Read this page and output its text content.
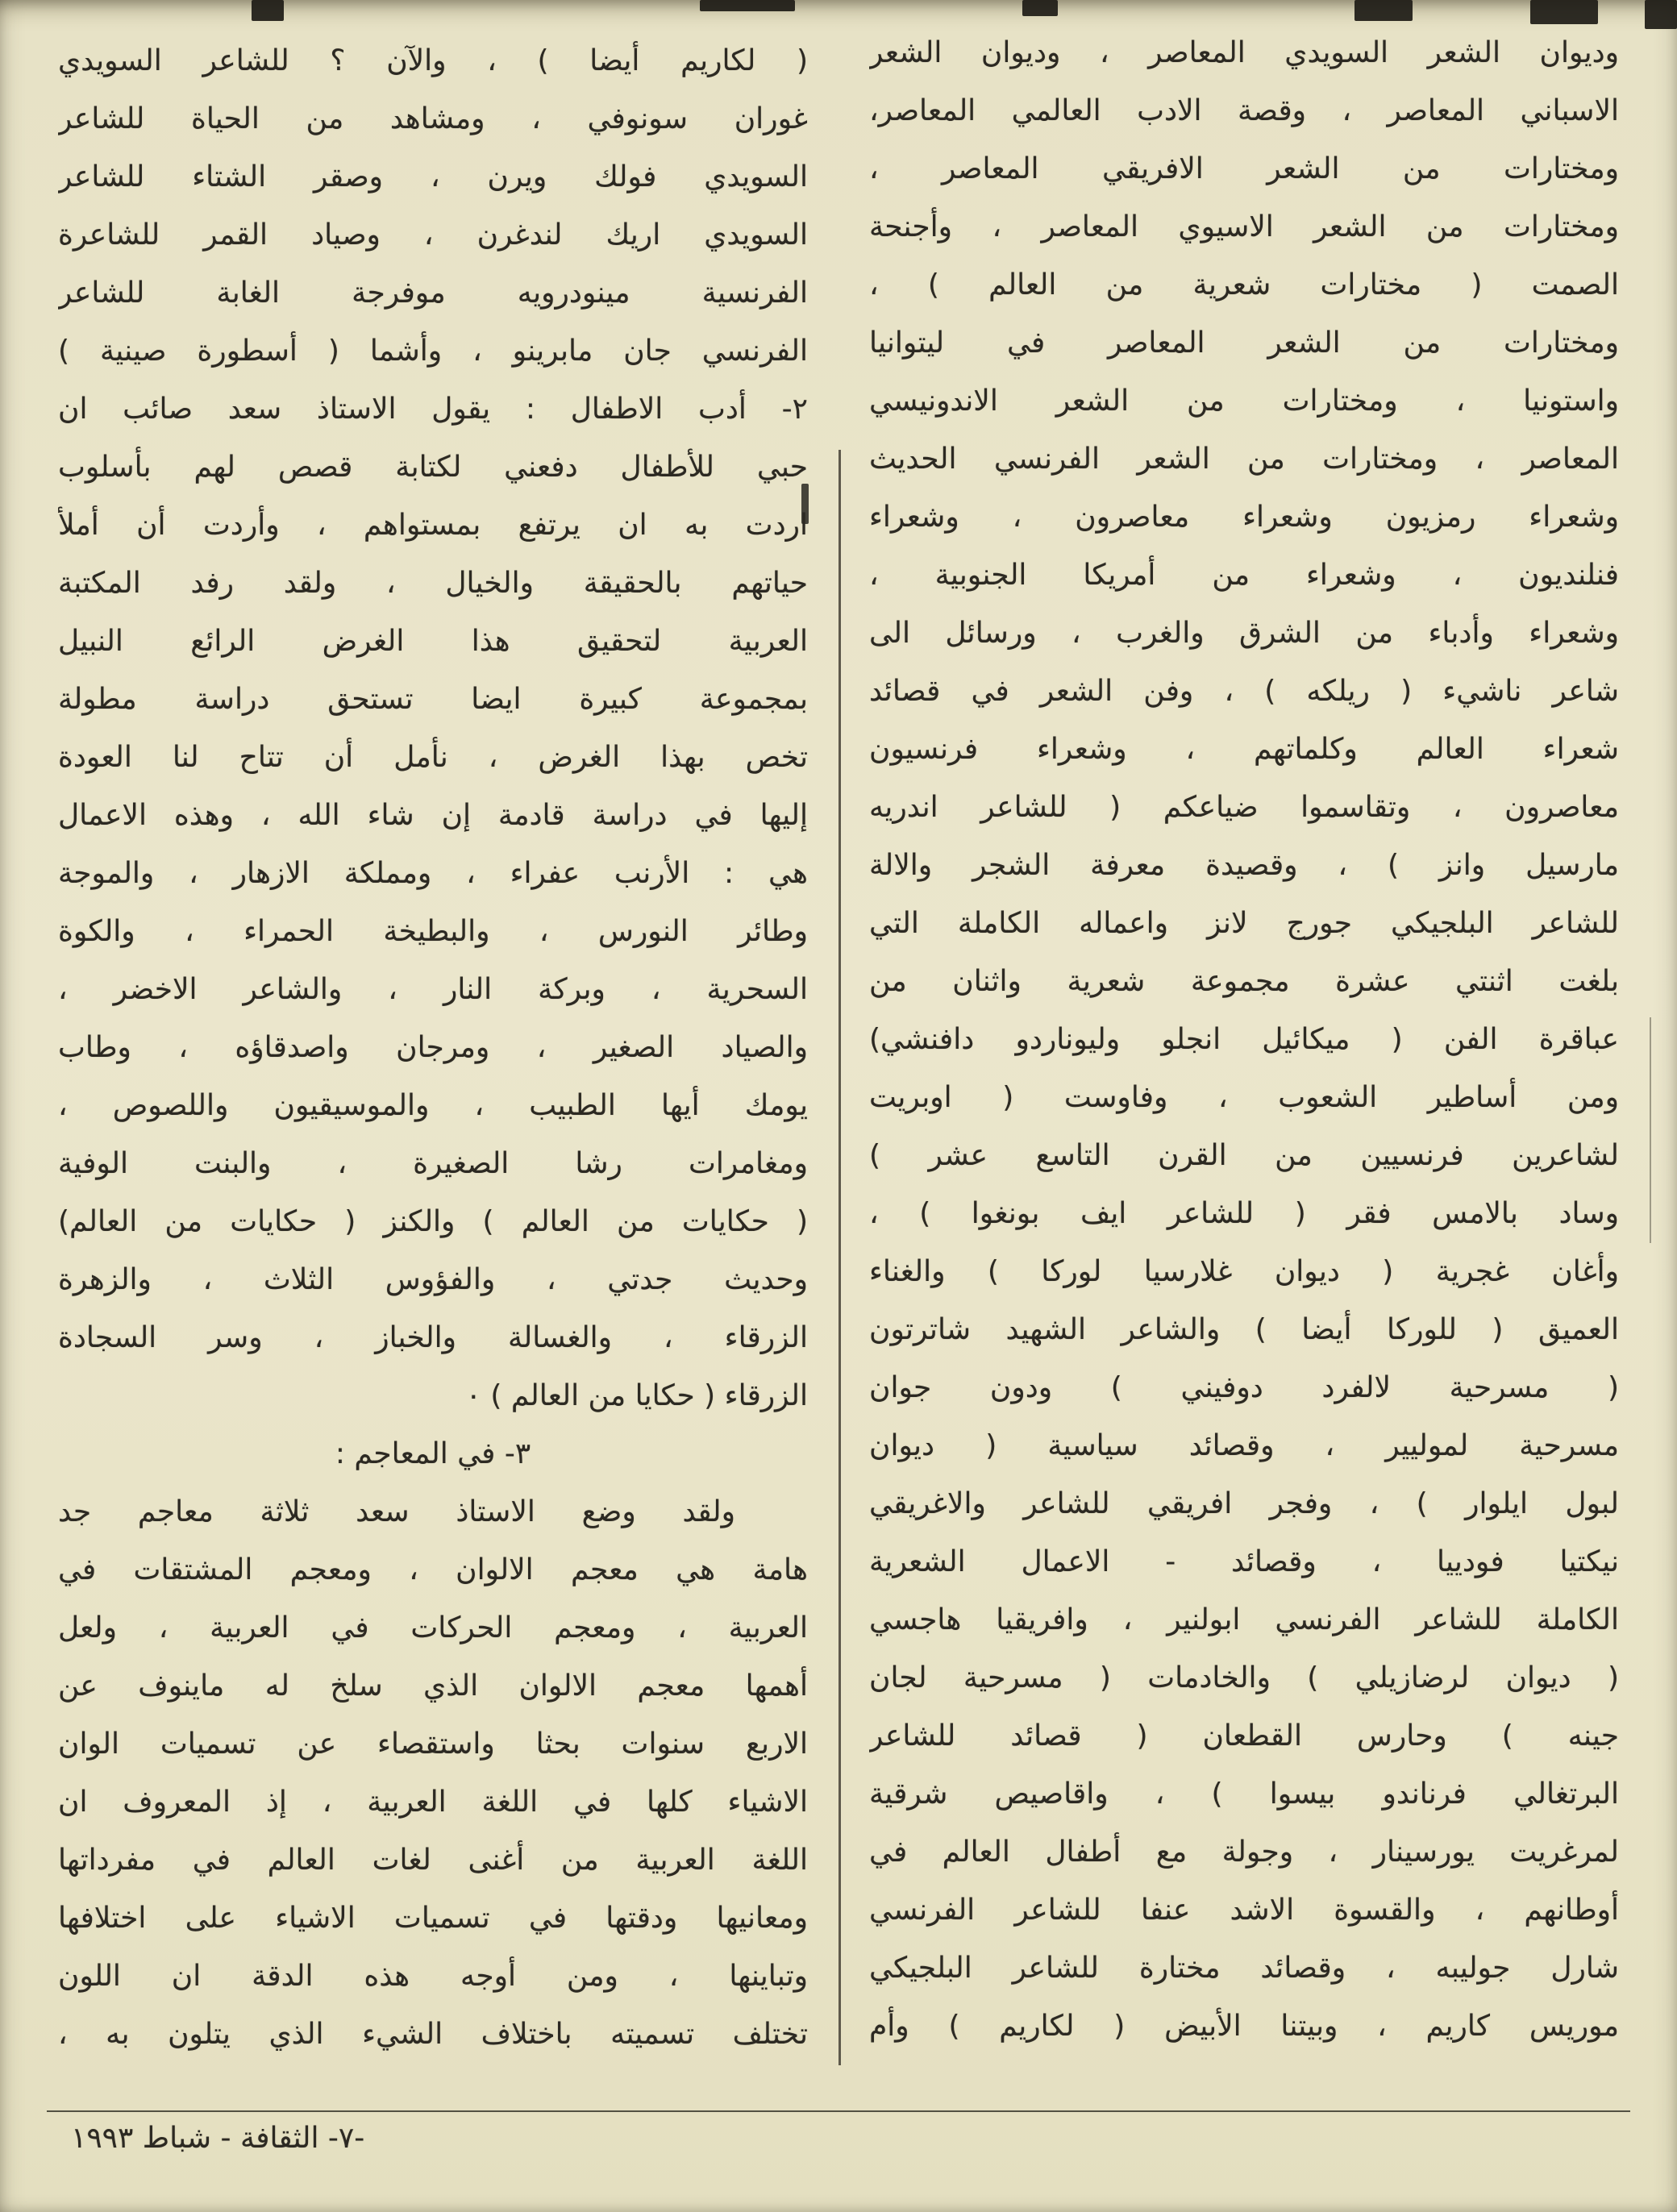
وديوان الشعر السويدي المعاصر ، وديوان الشعر
الاسباني المعاصر ، وقصة الادب العالمي المعاصر،
ومختارات من الشعر الافريقي المعاصر ،
ومختارات من الشعر الاسيوي المعاصر ، وأجنحة
الصمت ( مختارات شعرية من العالم ) ،
ومختارات من الشعر المعاصر في ليتوانيا
واستونيا ، ومختارات من الشعر الاندونيسي
المعاصر ، ومختارات من الشعر الفرنسي الحديث
وشعراء رمزيون وشعراء معاصرون ، وشعراء
فنلنديون ، وشعراء من أمريكا الجنوبية ،
وشعراء وأدباء من الشرق والغرب ، ورسائل الى
شاعر ناشيء ( ريلكه ) ، وفن الشعر في قصائد
شعراء العالم وكلماتهم ، وشعراء فرنسيون
معاصرون ، وتقاسموا ضياعكم ( للشاعر اندريه
مارسيل وانز ) ، وقصيدة معرفة الشجر والالة
للشاعر البلجيكي جورج لانز واعماله الكاملة التي
بلغت اثنتي عشرة مجموعة شعرية واثنان من
عباقرة الفن ( ميكائيل انجلو وليوناردو دافنشي)
ومن أساطير الشعوب ، وفاوست ( اوبريت
لشاعرين فرنسيين من القرن التاسع عشر )
وساد بالامس فقر ( للشاعر ايف بونغوا ) ،
وأغان غجرية ( ديوان غلارسيا لوركا ) والغناء
العميق ( للوركا أيضا ) والشاعر الشهيد شاترتون
( مسرحية لالفرد دوفيني ) ودون جوان
مسرحية لموليير ، وقصائد سياسية ( ديوان
لبول ايلوار ) ، وفجر افريقي للشاعر والاغريقي
نيكتيا فودييا ، وقصائد - الاعمال الشعرية
الكاملة للشاعر الفرنسي ابولنير ، وافريقيا هاجسي
( ديوان لرضازيلي ) والخادمات ( مسرحية لجان
جينه ) وحارس القطعان ( قصائد للشاعر
البرتغالي فرناندو بيسوا ) ، واقاصيص شرقية
لمرغريت يورسينار ، وجولة مع أطفال العالم في
أوطانهم ، والقسوة الاشد عنفا للشاعر الفرنسي
شارل جوليبه ، وقصائد مختارة للشاعر البلجيكي
موريس كاريم ، وبيتنا الأبيض ( لكاريم ) وأم
( لكاريم أيضا ) ، والآن ؟ للشاعر السويدي
غوران سونوفي ، ومشاهد من الحياة للشاعر
السويدي فولك ويرن ، وصقر الشتاء للشاعر
السويدي اريك لندغرن ، وصياد القمر للشاعرة
الفرنسية مينودرويه موفرجة الغابة للشاعر
الفرنسي جان مابرينو ، وأشما ( أسطورة صينية )
٢- أدب الاطفال : يقول الاستاذ سعد صائب ان
حبي للأطفال دفعني لكتابة قصص لهم بأسلوب
اردت به ان يرتفع بمستواهم ، وأردت أن أملأ
حياتهم بالحقيقة والخيال ، ولقد رفد المكتبة
العربية لتحقيق هذا الغرض الرائع النبيل
بمجموعة كبيرة ايضا تستحق دراسة مطولة
تخص بهذا الغرض ، نأمل أن تتاح لنا العودة
إليها في دراسة قادمة إن شاء الله ، وهذه الاعمال
هي : الأرنب عفراء ، ومملكة الازهار ، والموجة
وطائر النورس ، والبطيخة الحمراء ، والكوة
السحرية ، وبركة النار ، والشاعر الاخضر ،
والصياد الصغير ، ومرجان واصدقاؤه ، وطاب
يومك أيها الطبيب ، والموسيقيون واللصوص ،
ومغامرات رشا الصغيرة ، والبنت الوفية
( حكايات من العالم ) والكنز ( حكايات من العالم)
وحديث جدتي ، والفؤوس الثلاث ، والزهرة
الزرقاء ، والغسالة والخباز ، وسر السجادة
الزرقاء ( حكايا من العالم ) ٠
٣- في المعاجم :
ولقد وضع الاستاذ سعد ثلاثة معاجم جد
هامة هي معجم الالوان ، ومعجم المشتقات في
العربية ، ومعجم الحركات في العربية ، ولعل
أهمها معجم الالوان الذي سلخ له ماينوف عن
الاربع سنوات بحثا واستقصاء عن تسميات الوان
الاشياء كلها في اللغة العربية ، إذ المعروف ان
اللغة العربية من أغنى لغات العالم في مفرداتها
ومعانيها ودقتها في تسميات الاشياء على اختلافها
وتباينها ، ومن أوجه هذه الدقة ان اللون
تختلف تسميته باختلاف الشيء الذي يتلون به ،
-٧- الثقافة - شباط ١٩٩٣
